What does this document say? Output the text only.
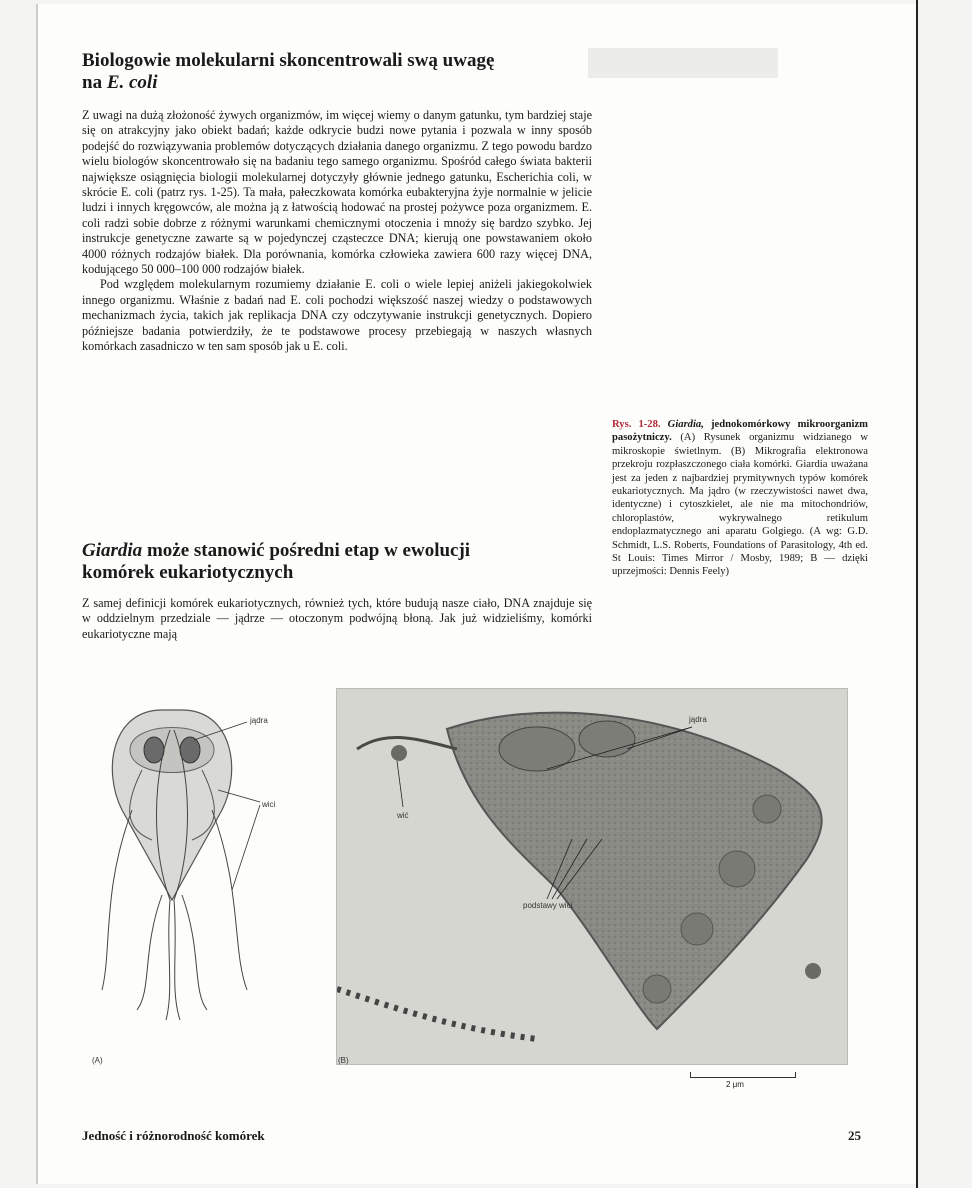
Biologowie molekularni skoncentrowali swą uwagę
na E. coli

Z uwagi na dużą złożoność żywych organizmów, im więcej wiemy o danym gatunku, tym bardziej staje się on atrakcyjny jako obiekt badań; każde odkrycie budzi nowe pytania i pozwala w inny sposób podejść do rozwiązywania problemów dotyczących działania danego organizmu. Z tego powodu bardzo wielu biologów skoncentrowało się na badaniu tego samego organizmu. Spośród całego świata bakterii największe osiągnięcia biologii molekularnej dotyczyły głównie jednego gatunku, Escherichia coli, w skrócie E. coli (patrz rys. 1-25). Ta mała, pałeczkowata komórka eubakteryjna żyje normalnie w jelicie ludzi i innych kręgowców, ale można ją z łatwością hodować na prostej pożywce poza organizmem. E. coli radzi sobie dobrze z różnymi warunkami chemicznymi otoczenia i mnoży się bardzo szybko. Jej instrukcje genetyczne zawarte są w pojedynczej cząsteczce DNA; kierują one powstawaniem około 4000 różnych rodzajów białek. Dla porównania, komórka człowieka zawiera 600 razy więcej DNA, kodującego 50 000–100 000 rodzajów białek.

Pod względem molekularnym rozumiemy działanie E. coli o wiele lepiej aniżeli jakiegokolwiek innego organizmu. Właśnie z badań nad E. coli pochodzi większość naszej wiedzy o podstawowych mechanizmach życia, takich jak replikacja DNA czy odczytywanie instrukcji genetycznych. Dopiero późniejsze badania potwierdziły, że te podstawowe procesy przebiegają w naszych własnych komórkach zasadniczo w ten sam sposób jak u E. coli.

Giardia może stanowić pośredni etap w ewolucji
komórek eukariotycznych

Z samej definicji komórek eukariotycznych, również tych, które budują nasze ciało, DNA znajduje się w oddzielnym przedziale — jądrze — otoczonym podwójną błoną. Jak już widzieliśmy, komórki eukariotyczne mają

Rys. 1-28. Giardia, jednokomórkowy mikroorganizm pasożytniczy. (A) Rysunek organizmu widzianego w mikroskopie świetlnym. (B) Mikrografia elektronowa przekroju rozpłaszczonego ciała komórki. Giardia uważana jest za jeden z najbardziej prymitywnych typów komórek eukariotycznych. Ma jądro (w rzeczywistości nawet dwa, identyczne) i cytoszkielet, ale nie ma mitochondriów, chloroplastów, wykrywalnego retikulum endoplazmatycznego ani aparatu Golgiego. (A wg: G.D. Schmidt, L.S. Roberts, Foundations of Parasitology, 4th ed. St Louis: Times Mirror / Mosby, 1989; B — dzięki uprzejmości: Dennis Feely)
jądra
wici
(A)
jądra
wić
podstawy wici
(B)
2 μm
Jedność i różnorodność komórek	25
